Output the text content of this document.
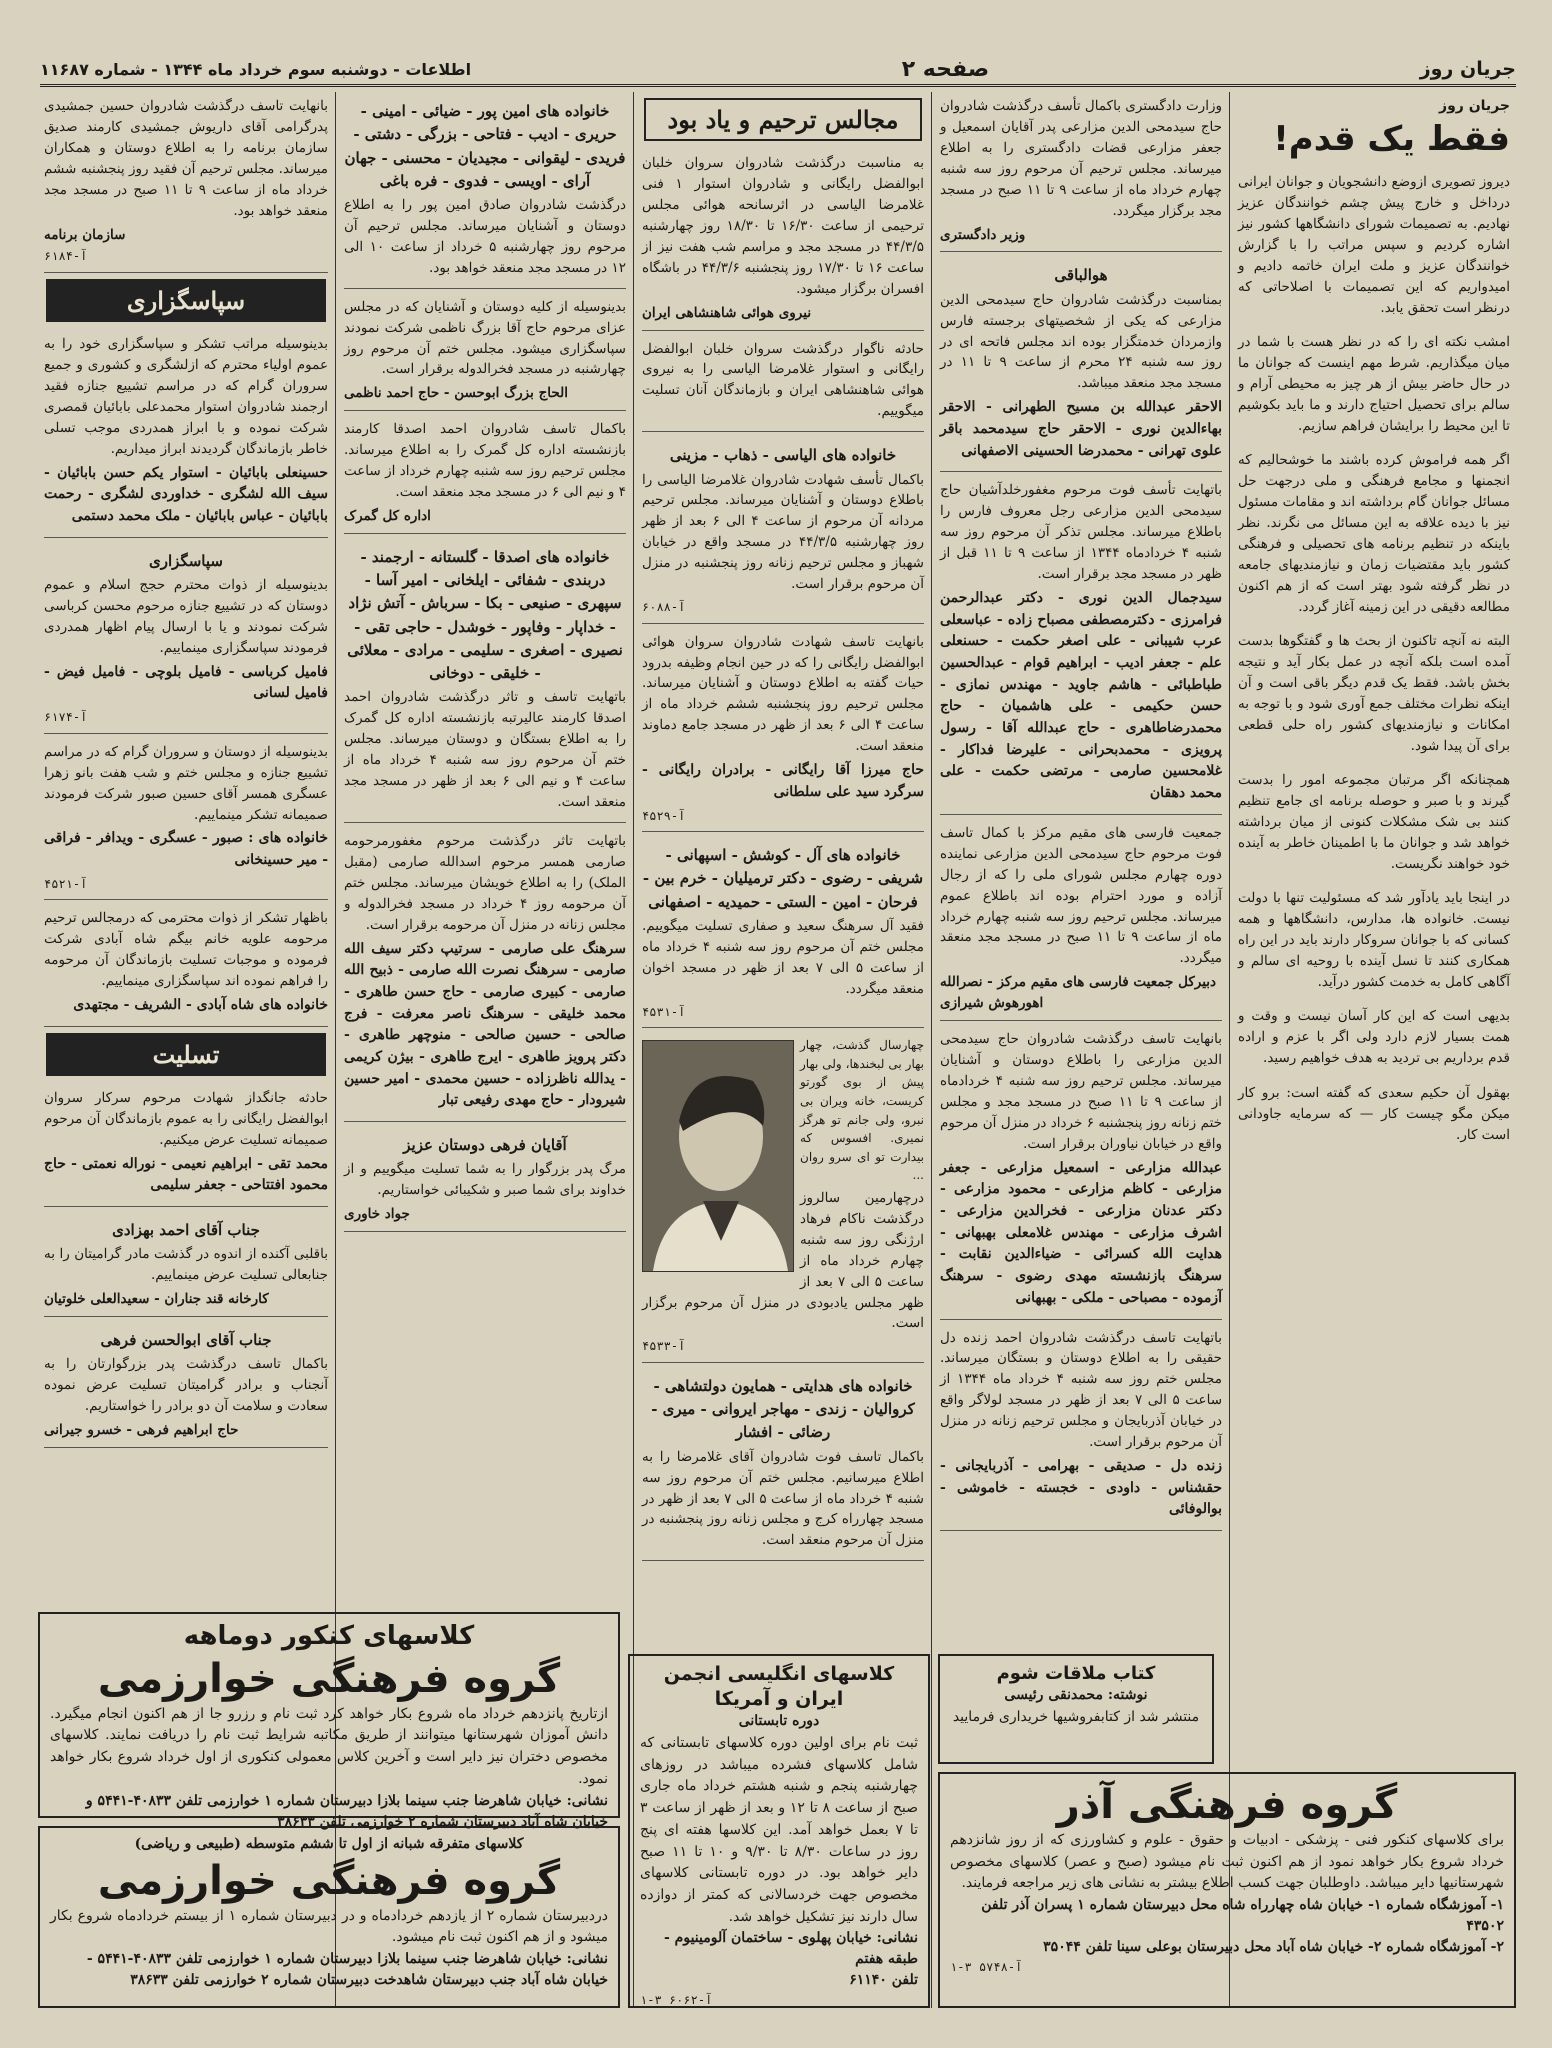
جریان روز
صفحه ۲
اطلاعات - دوشنبه سوم خرداد ماه ۱۳۴۴ - شماره ۱۱۶۸۷
جریان روز
فقط یک قدم!

دیروز تصویری ازوضع دانشجویان و جوانان ایرانی درداخل و خارج پیش چشم خوانندگان عزیز نهادیم. به تصمیمات شورای دانشگاهها کشور نیز اشاره کردیم و سپس مراتب را با گزارش خوانندگان عزیز و ملت ایران خاتمه دادیم و امیدواریم که این تصمیمات با اصلاحاتی که درنظر است تحقق یابد.

امشب نکته ای را که در نظر هست با شما در میان میگذاریم. شرط مهم اینست که جوانان ما در حال حاضر بیش از هر چیز به محیطی آرام و سالم برای تحصیل احتیاج دارند و ما باید بکوشیم تا این محیط را برایشان فراهم سازیم.

اگر همه فراموش کرده باشند ما خوشحالیم که انجمنها و مجامع فرهنگی و ملی درجهت حل مسائل جوانان گام برداشته اند و مقامات مسئول نیز با دیده علاقه به این مسائل می نگرند. نظر باینکه در تنظیم برنامه های تحصیلی و فرهنگی کشور باید مقتضیات زمان و نیازمندیهای جامعه در نظر گرفته شود بهتر است که از هم اکنون مطالعه دقیقی در این زمینه آغاز گردد.

البته نه آنچه تاکنون از بحث ها و گفتگوها بدست آمده است بلکه آنچه در عمل بکار آید و نتیجه بخش باشد. فقط یک قدم دیگر باقی است و آن اینکه نظرات مختلف جمع آوری شود و با توجه به امکانات و نیازمندیهای کشور راه حلی قطعی برای آن پیدا شود.

همچنانکه اگر مرتبان مجموعه امور را بدست گیرند و با صبر و حوصله برنامه ای جامع تنظیم کنند بی شک مشکلات کنونی از میان برداشته خواهد شد و جوانان ما با اطمینان خاطر به آینده خود خواهند نگریست.

در اینجا باید یادآور شد که مسئولیت تنها با دولت نیست. خانواده ها، مدارس، دانشگاهها و همه کسانی که با جوانان سروکار دارند باید در این راه همکاری کنند تا نسل آینده با روحیه ای سالم و آگاهی کامل به خدمت کشور درآید.

بدیهی است که این کار آسان نیست و وقت و همت بسیار لازم دارد ولی اگر با عزم و اراده قدم برداریم بی تردید به هدف خواهیم رسید.

بهقول آن حکیم سعدی که گفته است: برو کار میکن مگو چیست کار — که سرمایه جاودانی است کار.

وزارت دادگستری باکمال تأسف درگذشت شادروان حاج سیدمحی الدین مزارعی پدر آقایان اسمعیل و جعفر مزارعی قضات دادگستری را به اطلاع میرساند. مجلس ترحیم آن مرحوم روز سه شنبه چهارم خرداد ماه از ساعت ۹ تا ۱۱ صبح در مسجد مجد برگزار میگردد.

وزیر دادگستری
هوالباقی

بمناسبت درگذشت شادروان حاج سیدمحی الدین مزارعی که یکی از شخصیتهای برجسته فارس وازمردان خدمتگزار بوده اند مجلس فاتحه ای در روز سه شنبه ۲۴ محرم از ساعت ۹ تا ۱۱ در مسجد مجد منعقد میباشد.

الاحقر عبدالله بن مسیح الطهرانی - الاحقر بهاءالدین نوری - الاحقر حاج سیدمحمد باقر علوی تهرانی - محمدرضا الحسینی الاصفهانی

باتهایت تأسف فوت مرحوم مغفورخلدآشیان حاج سیدمحی الدین مزارعی رجل معروف فارس را باطلاع میرساند. مجلس تذکر آن مرحوم روز سه شنبه ۴ خردادماه ۱۳۴۴ از ساعت ۹ تا ۱۱ قبل از ظهر در مسجد مجد برقرار است.

سیدجمال الدین نوری - دکتر عبدالرحمن فرامرزی - دکترمصطفی مصباح زاده - عباسعلی عرب شیبانی - علی اصغر حکمت - حسنعلی علم - جعفر ادیب - ابراهیم قوام - عبدالحسین طباطبائی - هاشم جاوید - مهندس نمازی - حسن حکیمی - علی هاشمیان - حاج محمدرضاطاهری - حاج عبدالله آقا - رسول پرویزی - محمدبحرانی - علیرضا فداکار - غلامحسین صارمی - مرتضی حکمت - علی محمد دهقان

جمعیت فارسی های مقیم مرکز با کمال تاسف فوت مرحوم حاج سیدمحی الدین مزارعی نماینده دوره چهارم مجلس شورای ملی را که از رجال آزاده و مورد احترام بوده اند باطلاع عموم میرساند. مجلس ترحیم روز سه شنبه چهارم خرداد ماه از ساعت ۹ تا ۱۱ صبح در مسجد مجد منعقد میگردد.

دبیرکل جمعیت فارسی های مقیم مرکز - نصرالله اهورهوش شیرازی

بانهایت تاسف درگذشت شادروان حاج سیدمحی الدین مزارعی را باطلاع دوستان و آشنایان میرساند. مجلس ترحیم روز سه شنبه ۴ خردادماه از ساعت ۹ تا ۱۱ صبح در مسجد مجد و مجلس ختم زنانه روز پنجشنبه ۶ خرداد در منزل آن مرحوم واقع در خیابان نیاوران برقرار است.

عبدالله مزارعی - اسمعیل مزارعی - جعفر مزارعی - کاظم مزارعی - محمود مزارعی - دکتر عدنان مزارعی - فخرالدین مزارعی - اشرف مزارعی - مهندس غلامعلی بهبهانی - هدایت الله کسرائی - ضیاءالدین نقابت - سرهنگ بازنشسته مهدی رضوی - سرهنگ آزموده - مصباحی - ملکی - بهبهانی

باتهایت تاسف درگذشت شادروان احمد زنده دل حقیقی را به اطلاع دوستان و بستگان میرساند. مجلس ختم روز سه شنبه ۴ خرداد ماه ۱۳۴۴ از ساعت ۵ الی ۷ بعد از ظهر در مسجد لولاگر واقع در خیابان آذربایجان و مجلس ترحیم زنانه در منزل آن مرحوم برقرار است.

زنده دل - صدیقی - بهرامی - آذربایجانی - حقشناس - داودی - خجسته - خاموشی - بوالوفائی

مجالس ترحیم و یاد بود

به مناسبت درگذشت شادروان سروان خلبان ابوالفضل رایگانی و شادروان استوار ۱ فنی غلامرضا الیاسی در اثرسانحه هوائی مجلس ترحیمی از ساعت ۱۶/۳۰ تا ۱۸/۳۰ روز چهارشنبه ۴۴/۳/۵ در مسجد مجد و مراسم شب هفت نیز از ساعت ۱۶ تا ۱۷/۳۰ روز پنجشنبه ۴۴/۳/۶ در باشگاه افسران برگزار میشود.

نیروی هوائی شاهنشاهی ایران

حادثه ناگوار درگذشت سروان خلبان ابوالفضل رایگانی و استوار غلامرضا الیاسی را به نیروی هوائی شاهنشاهی ایران و بازماندگان آنان تسلیت میگوییم.

خانواده های الیاسی - ذهاب - مزینی

باکمال تأسف شهادت شادروان غلامرضا الیاسی را باطلاع دوستان و آشنایان میرساند. مجلس ترحیم مردانه آن مرحوم از ساعت ۴ الی ۶ بعد از ظهر روز چهارشنبه ۴۴/۳/۵ در مسجد واقع در خیابان شهباز و مجلس ترحیم زنانه روز پنجشنبه در منزل آن مرحوم برقرار است.

آ-۶۰۸۸

بانهایت تاسف شهادت شادروان سروان هوائی ابوالفضل رایگانی را که در حین انجام وظیفه بدرود حیات گفته به اطلاع دوستان و آشنایان میرساند. مجلس ترحیم روز پنجشنبه ششم خرداد ماه از ساعت ۴ الی ۶ بعد از ظهر در مسجد جامع دماوند منعقد است.

حاج میرزا آقا رایگانی - برادران رایگانی - سرگرد سید علی سلطانی

آ-۴۵۲۹
خانواده های آل - کوشش - اسپهانی - شریفی - رضوی - دکتر ترمیلیان - خرم بین - فرحان - امین - الستی - حمیدیه - اصفهانی

فقید آل سرهنگ سعید و صفاری تسلیت میگوییم. مجلس ختم آن مرحوم روز سه شنبه ۴ خرداد ماه از ساعت ۵ الی ۷ بعد از ظهر در مسجد اخوان منعقد میگردد.

آ-۴۵۳۱

چهارسال گذشت، چهار بهار بی لبخندها، ولی بهار پیش از بوی گورتو کریست، خانه ویران بی نبرو، ولی جانم تو هرگز نمیری. افسوس که بیدارت تو ای سرو روان ...

درچهارمین سالروز درگذشت ناکام فرهاد ارژنگی روز سه شنبه چهارم خرداد ماه از ساعت ۵ الی ۷ بعد از ظهر مجلس یادبودی در منزل آن مرحوم برگزار است.

آ-۴۵۳۳
خانواده های هدایتی - همایون دولتشاهی - کروالیان - زندی - مهاجر ایروانی - میری - رضائی - افشار

باکمال تاسف فوت شادروان آقای غلامرضا را به اطلاع میرسانیم. مجلس ختم آن مرحوم روز سه شنبه ۴ خرداد ماه از ساعت ۵ الی ۷ بعد از ظهر در مسجد چهارراه کرج و مجلس زنانه روز پنجشنبه در منزل آن مرحوم منعقد است.

خانواده های امین پور - ضیائی - امینی - حریری - ادیب - فتاحی - بزرگی - دشتی - فریدی - لیقوانی - مجیدیان - محسنی - جهان آرای - اویسی - فدوی - فره باغی

درگذشت شادروان صادق امین پور را به اطلاع دوستان و آشنایان میرساند. مجلس ترحیم آن مرحوم روز چهارشنبه ۵ خرداد از ساعت ۱۰ الی ۱۲ در مسجد مجد منعقد خواهد بود.

بدینوسیله از کلیه دوستان و آشنایان که در مجلس عزای مرحوم حاج آقا بزرگ ناظمی شرکت نمودند سپاسگزاری میشود. مجلس ختم آن مرحوم روز چهارشنبه در مسجد فخرالدوله برقرار است.

الحاج بزرگ ابوحسن - حاج احمد ناظمی

باکمال تاسف شادروان احمد اصدقا کارمند بازنشسته اداره کل گمرک را به اطلاع میرساند. مجلس ترحیم روز سه شنبه چهارم خرداد از ساعت ۴ و نیم الی ۶ در مسجد مجد منعقد است.

اداره کل گمرک
خانواده های اصدقا - گلستانه - ارجمند - دربندی - شفائی - ایلخانی - امیر آسا - سپهری - صنیعی - بکا - سرباش - آتش نژاد - خداپار - وفاپور - خوشدل - حاجی تقی - نصیری - اصغری - سلیمی - مرادی - معلائی - خلیقی - دوخانی

باتهایت تاسف و تاثر درگذشت شادروان احمد اصدقا کارمند عالیرتبه بازنشسته اداره کل گمرک را به اطلاع بستگان و دوستان میرساند. مجلس ختم آن مرحوم روز سه شنبه ۴ خرداد ماه از ساعت ۴ و نیم الی ۶ بعد از ظهر در مسجد مجد منعقد است.

باتهایت تاثر درگذشت مرحوم مغفورمرحومه صارمی همسر مرحوم اسدالله صارمی (مقبل الملک) را به اطلاع خویشان میرساند. مجلس ختم آن مرحومه روز ۴ خرداد در مسجد فخرالدوله و مجلس زنانه در منزل آن مرحومه برقرار است.

سرهنگ علی صارمی - سرتیپ دکتر سیف الله صارمی - سرهنگ نصرت الله صارمی - ذبیح الله صارمی - کبیری صارمی - حاج حسن طاهری - محمد خلیقی - سرهنگ ناصر معرفت - فرج صالحی - حسین صالحی - منوچهر طاهری - دکتر پرویز طاهری - ایرج طاهری - بیژن کریمی - یدالله ناظرزاده - حسین محمدی - امیر حسین شیرودار - حاج مهدی رفیعی تبار

آقایان فرهی دوستان عزیز

مرگ پدر بزرگوار را به شما تسلیت میگوییم و از خداوند برای شما صبر و شکیبائی خواستاریم.

جواد خاوری

بانهایت تاسف درگذشت شادروان حسین جمشیدی پدرگرامی آقای داریوش جمشیدی کارمند صدیق سازمان برنامه را به اطلاع دوستان و همکاران میرساند. مجلس ترحیم آن فقید روز پنجشنبه ششم خرداد ماه از ساعت ۹ تا ۱۱ صبح در مسجد مجد منعقد خواهد بود.

سازمان برنامه
آ-۶۱۸۴
سپاسگزاری

بدینوسیله مراتب تشکر و سپاسگزاری خود را به عموم اولیاء محترم که ازلشگری و کشوری و جمیع سروران گرام که در مراسم تشییع جنازه فقید ارجمند شادروان استوار محمدعلی بابائیان قمصری شرکت نموده و با ابراز همدردی موجب تسلی خاطر بازماندگان گردیدند ابراز میداریم.

حسینعلی بابائیان - استوار یکم حسن بابائیان - سیف الله لشگری - خداوردی لشگری - رحمت بابائیان - عباس بابائیان - ملک محمد دستمی

سپاسگزاری

بدینوسیله از ذوات محترم حجج اسلام و عموم دوستان که در تشییع جنازه مرحوم محسن کرباسی شرکت نمودند و یا با ارسال پیام اظهار همدردی فرمودند سپاسگزاری مینماییم.

فامیل کرباسی - فامیل بلوچی - فامیل فیض - فامیل لسانی

آ-۶۱۷۴

بدینوسیله از دوستان و سروران گرام که در مراسم تشییع جنازه و مجلس ختم و شب هفت بانو زهرا عسگری همسر آقای حسین صبور شرکت فرمودند صمیمانه تشکر مینماییم.

خانواده های : صبور - عسگری - ویدافر - فراقی - میر حسینخانی

آ-۴۵۲۱

باظهار تشکر از ذوات محترمی که درمجالس ترحیم مرحومه علویه خانم بیگم شاه آبادی شرکت فرموده و موجبات تسلیت بازماندگان آن مرحومه را فراهم نموده اند سپاسگزاری مینماییم.

خانواده های شاه آبادی - الشریف - مجتهدی

تسلیت

حادثه جانگداز شهادت مرحوم سرکار سروان ابوالفضل رایگانی را به عموم بازماندگان آن مرحوم صمیمانه تسلیت عرض میکنیم.

محمد تقی - ابراهیم نعیمی - نوراله نعمتی - حاج محمود افتتاحی - جعفر سلیمی

جناب آقای احمد بهزادی

باقلبی آکنده از اندوه در گذشت مادر گرامیتان را به جنابعالی تسلیت عرض مینماییم.

کارخانه قند جناران - سعیدالعلی خلوتیان
جناب آقای ابوالحسن فرهی

باکمال تاسف درگذشت پدر بزرگوارتان را به آنجناب و برادر گرامیتان تسلیت عرض نموده سعادت و سلامت آن دو برادر را خواستاریم.

حاج ابراهیم فرهی - خسرو جیرانی
کلاسهای کنکور دوماهه
گروه فرهنگی خوارزمی
ازتاریخ پانزدهم خرداد ماه شروع بکار خواهد کرد ثبت نام و رزرو جا از هم اکنون انجام میگیرد. دانش آموزان شهرستانها میتوانند از طریق مکاتبه شرایط ثبت نام را دریافت نمایند. کلاسهای مخصوص دختران نیز دایر است و آخرین کلاس معمولی کنکوری از اول خرداد شروع بکار خواهد نمود.
نشانی: خیابان شاهرضا جنب سینما بلازا دبیرستان شماره ۱ خوارزمی تلفن ۴۰۸۳۳-۵۴۴۱ و خیابان شاه آباد دبیرستان شماره ۲ خوارزمی تلفن ۳۸۶۳۳
کلاسهای متفرقه شبانه از اول تا ششم متوسطه (طبیعی و ریاضی)
گروه فرهنگی خوارزمی
دردبیرستان شماره ۲ از یازدهم خردادماه و در دبیرستان شماره ۱ از بیستم خردادماه شروع بکار میشود و از هم اکنون ثبت نام میشود.
نشانی: خیابان شاهرضا جنب سینما بلازا دبیرستان شماره ۱ خوارزمی تلفن ۴۰۸۳۳-۵۴۴۱ - خیابان شاه آباد جنب دبیرستان شاهدخت دبیرستان شماره ۲ خوارزمی تلفن ۳۸۶۳۳
کلاسهای انگلیسی انجمن ایران و آمریکا
دوره تابستانی
ثبت نام برای اولین دوره کلاسهای تابستانی که شامل کلاسهای فشرده میباشد در روزهای چهارشنبه پنجم و شنبه هشتم خرداد ماه جاری صبح از ساعت ۸ تا ۱۲ و بعد از ظهر از ساعت ۳ تا ۷ بعمل خواهد آمد. این کلاسها هفته ای پنج روز در ساعات ۸/۳۰ تا ۹/۳۰ و ۱۰ تا ۱۱ صبح دایر خواهد بود. در دوره تابستانی کلاسهای مخصوص جهت خردسالانی که کمتر از دوازده سال دارند نیز تشکیل خواهد شد.
نشانی: خیابان پهلوی - ساختمان آلومینیوم - طبقه هفتم
تلفن ۶۱۱۴۰
آ-۶۰۶۲ ۳-۱
کتاب ملاقات شوم
نوشته: محمدنقی رئیسی
منتشر شد از کتابفروشیها خریداری فرمایید
گروه فرهنگی آذر
برای کلاسهای کنکور فنی - پزشکی - ادبیات و حقوق - علوم و کشاورزی که از روز شانزدهم خرداد شروع بکار خواهد نمود از هم اکنون ثبت نام میشود (صبح و عصر) کلاسهای مخصوص شهرستانیها دایر میباشد. داوطلبان جهت کسب اطلاع بیشتر به نشانی های زیر مراجعه فرمایند.
۱- آموزشگاه شماره ۱- خیابان شاه چهارراه شاه محل دبیرستان شماره ۱ پسران آذر تلفن ۴۳۵۰۲
۲- آموزشگاه شماره ۲- خیابان شاه آباد محل دبیرستان بوعلی سینا تلفن ۳۵۰۴۴
آ-۵۷۴۸ ۳-۱
